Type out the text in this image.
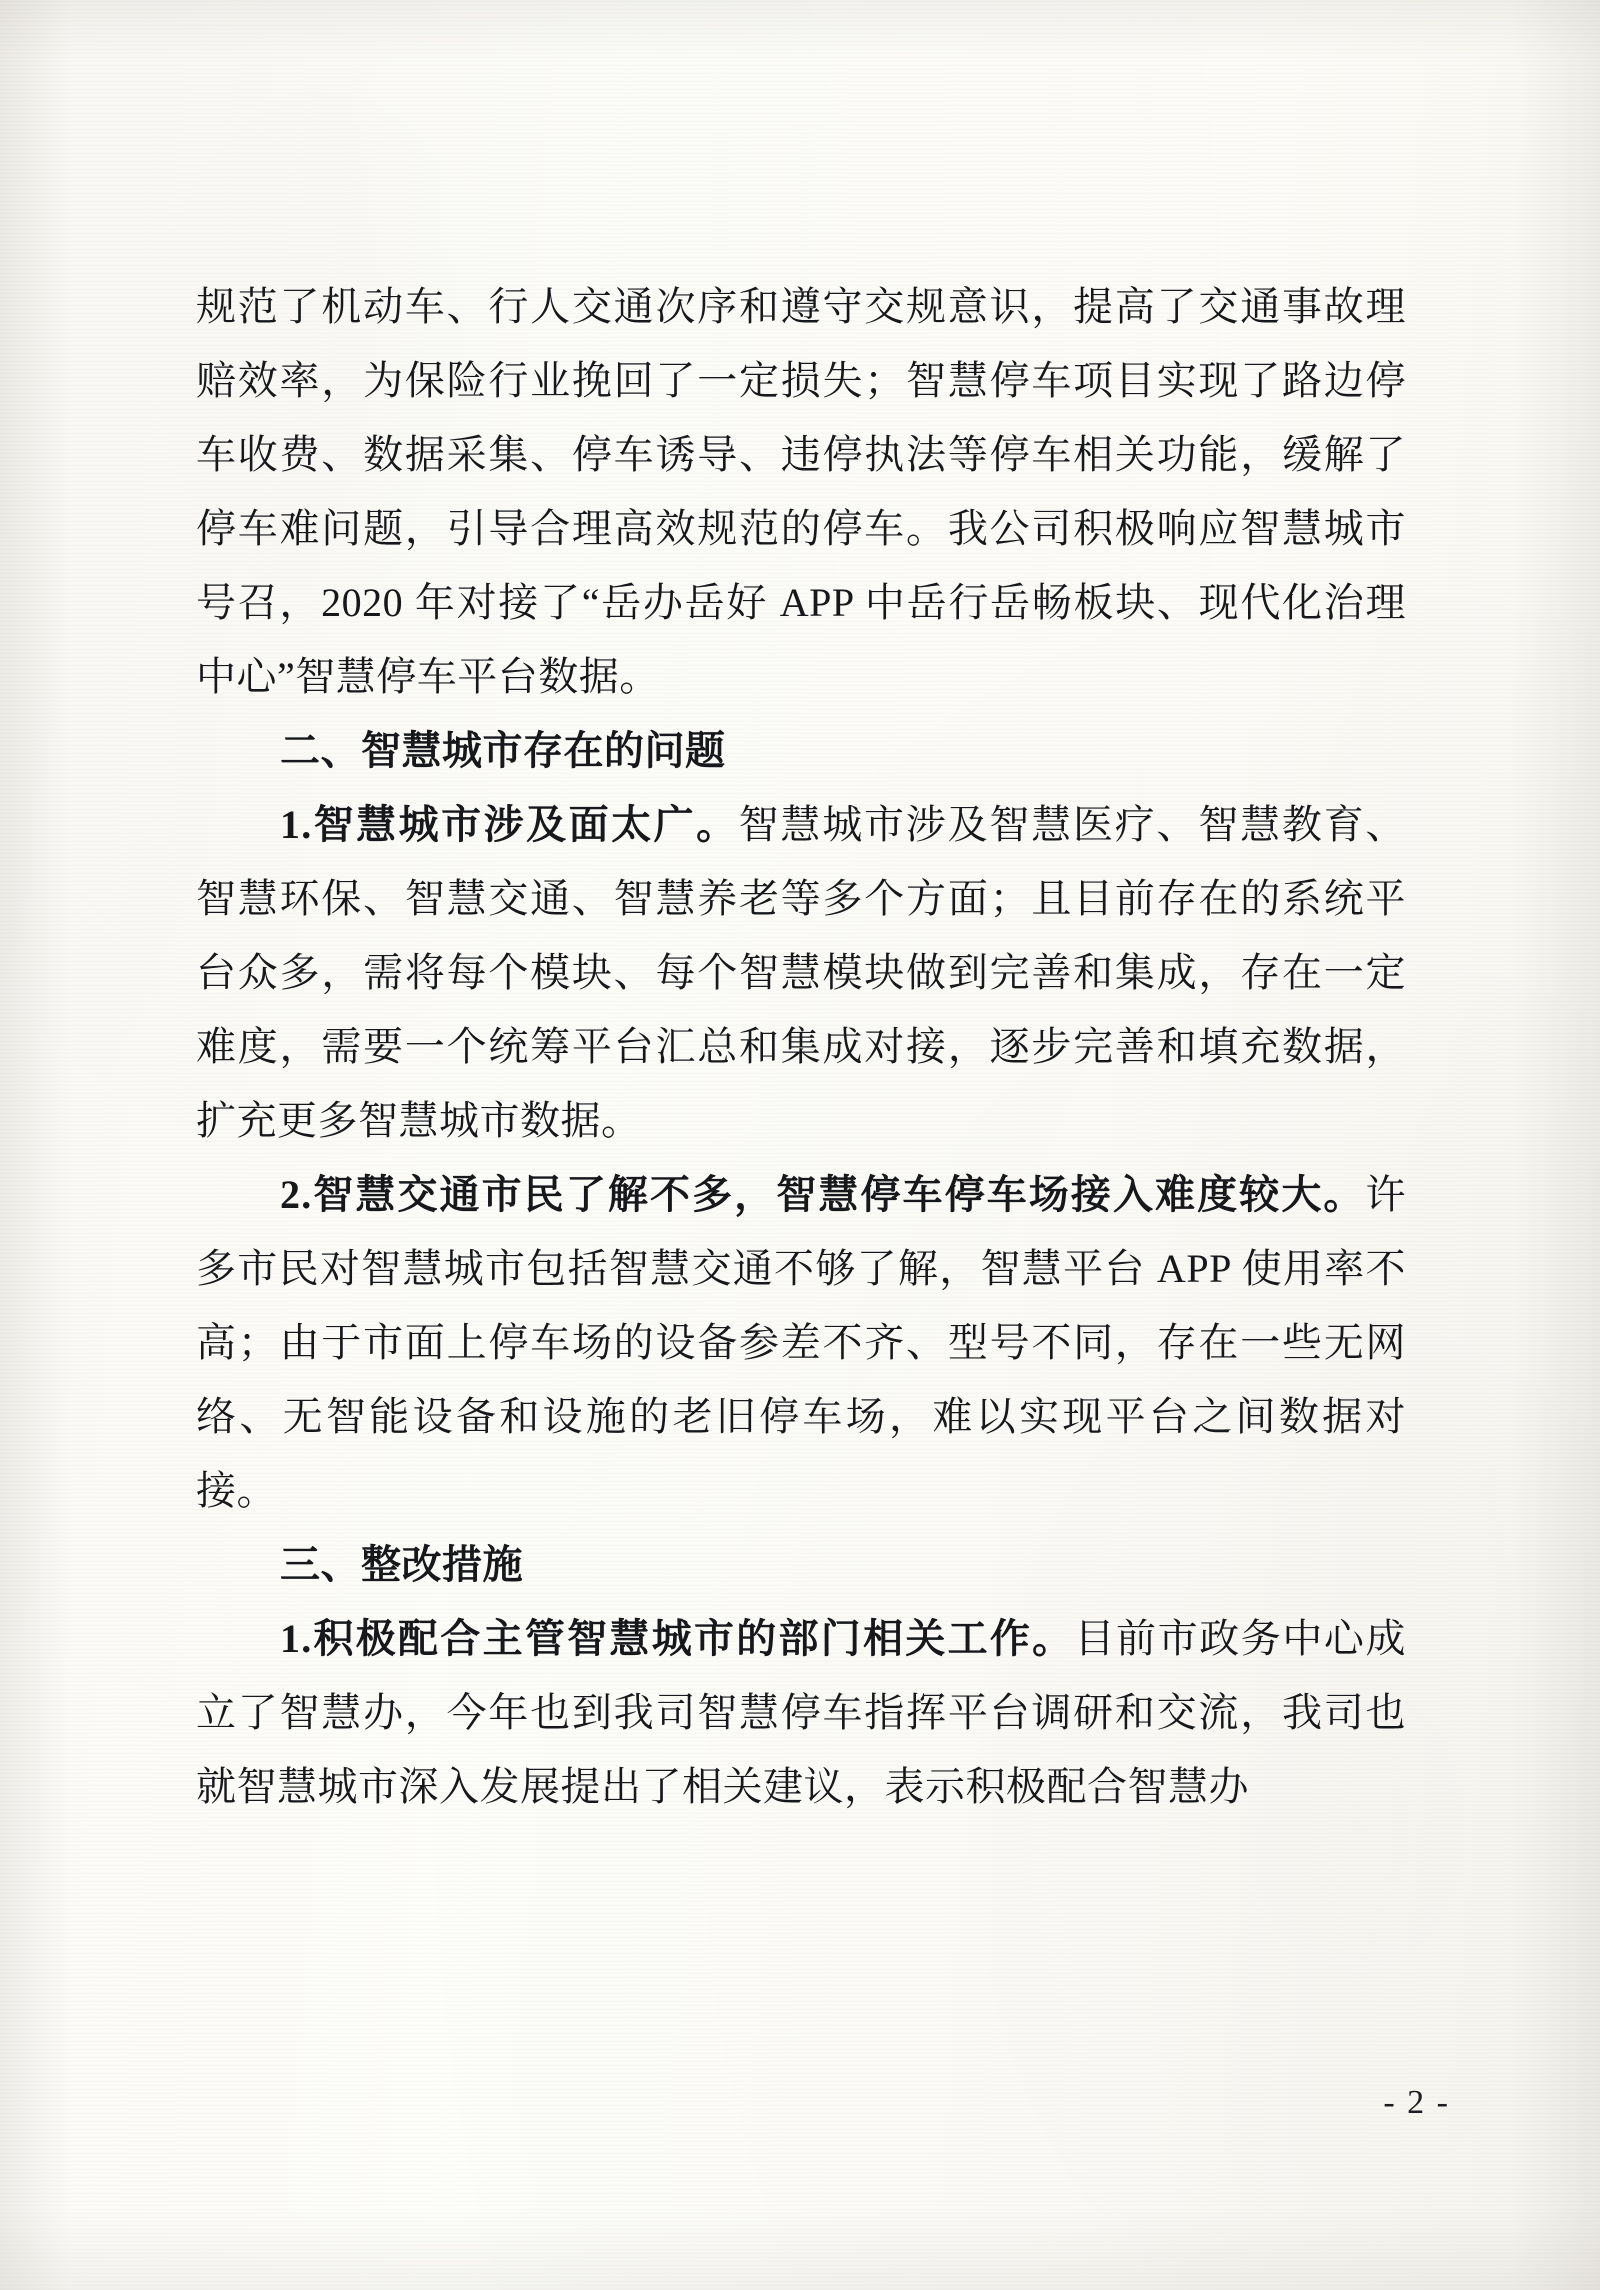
规范了机动车、行人交通次序和遵守交规意识，提高了交通事故理赔效率，为保险行业挽回了一定损失；智慧停车项目实现了路边停车收费、数据采集、停车诱导、违停执法等停车相关功能，缓解了停车难问题，引导合理高效规范的停车。我公司积极响应智慧城市号召，2020 年对接了“岳办岳好 APP 中岳行岳畅板块、现代化治理中心”智慧停车平台数据。

二、智慧城市存在的问题

1.智慧城市涉及面太广。智慧城市涉及智慧医疗、智慧教育、智慧环保、智慧交通、智慧养老等多个方面；且目前存在的系统平台众多，需将每个模块、每个智慧模块做到完善和集成，存在一定难度，需要一个统筹平台汇总和集成对接，逐步完善和填充数据，扩充更多智慧城市数据。

2.智慧交通市民了解不多，智慧停车停车场接入难度较大。许多市民对智慧城市包括智慧交通不够了解，智慧平台 APP 使用率不高；由于市面上停车场的设备参差不齐、型号不同，存在一些无网络、无智能设备和设施的老旧停车场，难以实现平台之间数据对接。

三、整改措施

1.积极配合主管智慧城市的部门相关工作。目前市政务中心成立了智慧办，今年也到我司智慧停车指挥平台调研和交流，我司也就智慧城市深入发展提出了相关建议，表示积极配合智慧办

- 2 -
